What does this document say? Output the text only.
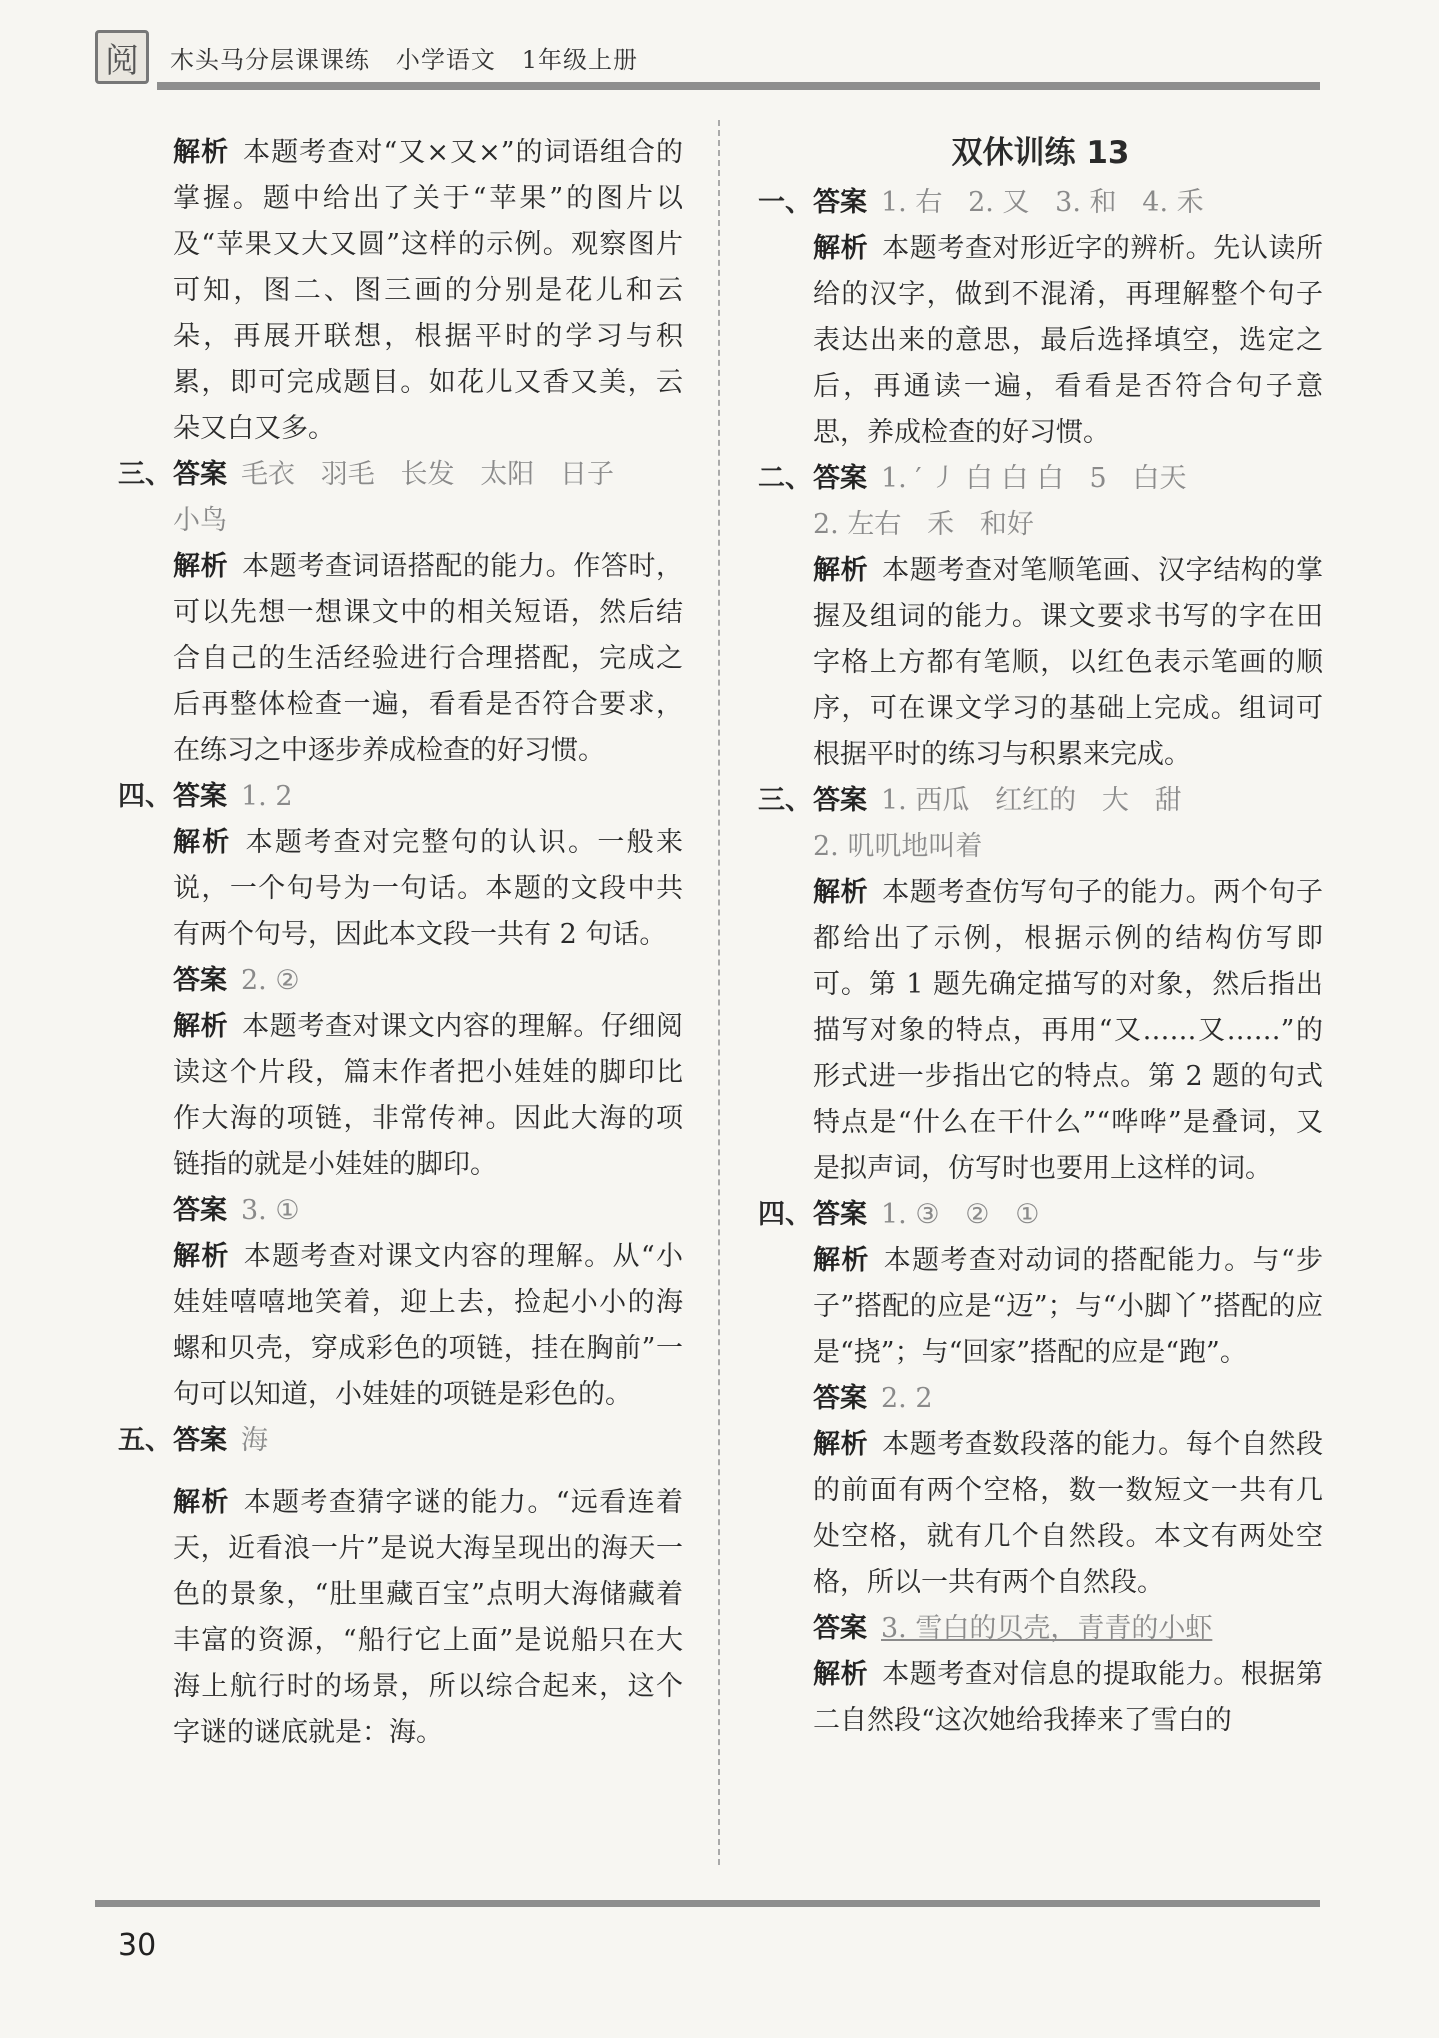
阅	木头马分层课课练   小学语文   1年级上册

解析 本题考查对“又×又×”的词语组合的掌握。题中给出了关于“苹果”的图片以及“苹果又大又圆”这样的示例。观察图片可知，图二、图三画的分别是花儿和云朵，再展开联想，根据平时的学习与积累，即可完成题目。如花儿又香又美，云朵又白又多。

三、 答案 毛衣   羽毛   长发   太阳   日子
小鸟

解析 本题考查词语搭配的能力。作答时，可以先想一想课文中的相关短语，然后结合自己的生活经验进行合理搭配，完成之后再整体检查一遍，看看是否符合要求，在练习之中逐步养成检查的好习惯。

四、 答案 1. 2

解析 本题考查对完整句的认识。一般来说，一个句号为一句话。本题的文段中共有两个句号，因此本文段一共有 2 句话。

答案 2. ②

解析 本题考查对课文内容的理解。仔细阅读这个片段，篇末作者把小娃娃的脚印比作大海的项链，非常传神。因此大海的项链指的就是小娃娃的脚印。

答案 3. ①

解析 本题考查对课文内容的理解。从“小娃娃嘻嘻地笑着，迎上去，捡起小小的海螺和贝壳，穿成彩色的项链，挂在胸前”一句可以知道，小娃娃的项链是彩色的。

五、 答案 海

解析 本题考查猜字谜的能力。“远看连着天，近看浪一片”是说大海呈现出的海天一色的景象，“肚里藏百宝”点明大海储藏着丰富的资源，“船行它上面”是说船只在大海上航行时的场景，所以综合起来，这个字谜的谜底就是：海。

双休训练 13
一、 答案 1. 右   2. 又   3. 和   4. 禾

解析 本题考查对形近字的辨析。先认读所给的汉字，做到不混淆，再理解整个句子表达出来的意思，最后选择填空，选定之后，再通读一遍，看看是否符合句子意思，养成检查的好习惯。

二、 答案 1. ′ ㇓ 白 白 白   5   白天
2. 左右   禾   和好

解析 本题考查对笔顺笔画、汉字结构的掌握及组词的能力。课文要求书写的字在田字格上方都有笔顺，以红色表示笔画的顺序，可在课文学习的基础上完成。组词可根据平时的练习与积累来完成。

三、 答案 1. 西瓜   红红的   大   甜
2. 叽叽地叫着

解析 本题考查仿写句子的能力。两个句子都给出了示例，根据示例的结构仿写即可。第 1 题先确定描写的对象，然后指出描写对象的特点，再用“又……又……”的形式进一步指出它的特点。第 2 题的句式特点是“什么在干什么”“哗哗”是叠词，又是拟声词，仿写时也要用上这样的词。

四、 答案 1. ③   ②   ①

解析 本题考查对动词的搭配能力。与“步子”搭配的应是“迈”；与“小脚丫”搭配的应是“挠”；与“回家”搭配的应是“跑”。

答案 2. 2

解析 本题考查数段落的能力。每个自然段的前面有两个空格，数一数短文一共有几处空格，就有几个自然段。本文有两处空格，所以一共有两个自然段。

答案 3. 雪白的贝壳，青青的小虾

解析 本题考查对信息的提取能力。根据第二自然段“这次她给我捧来了雪白的

30
